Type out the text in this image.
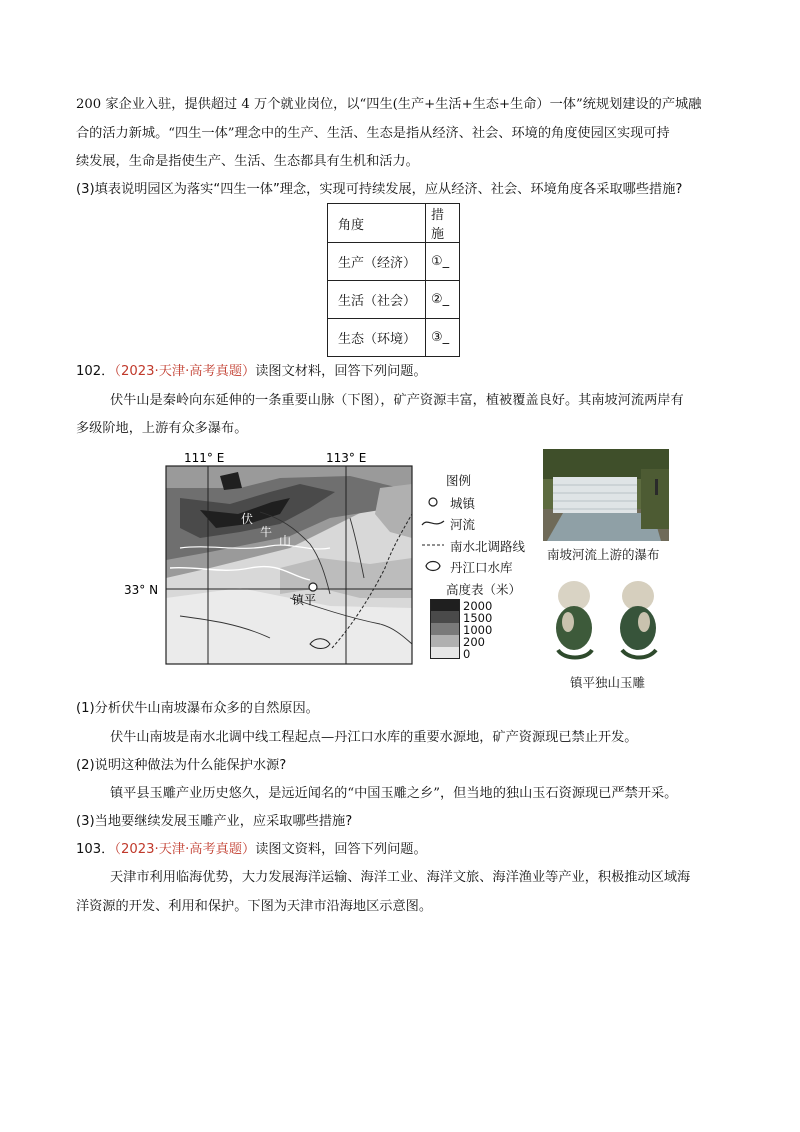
200 家企业入驻，提供超过 4 万个就业岗位，以“四生(生产+生活+生态+生命）一体”统规划建设的产城融
合的活力新城。“四生一体”理念中的生产、生活、生态是指从经济、社会、环境的角度使园区实现可持
续发展，生命是指使生产、生活、生态都具有生机和活力。
(3)填表说明园区为落实“四生一体”理念，实现可持续发展，应从经济、社会、环境角度各采取哪些措施?
角度	措施
生产（经济）	①_
生活（社会）	②_
生态（环境）	③_
102．（2023·天津·高考真题）读图文材料，回答下列问题。
伏牛山是秦岭向东延伸的一条重要山脉（下图），矿产资源丰富，植被覆盖良好。其南坡河流两岸有
多级阶地，上游有众多瀑布。
111° E	113° E
33° N
伏
牛
山
镇平
图例
城镇
河流
南水北调路线
丹江口水库
高度表（米）
2000
1500
1000
200
0
南坡河流上游的瀑布
镇平独山玉雕
(1)分析伏牛山南坡瀑布众多的自然原因。
伏牛山南坡是南水北调中线工程起点—丹江口水库的重要水源地，矿产资源现已禁止开发。
(2)说明这种做法为什么能保护水源?
镇平县玉雕产业历史悠久，是远近闻名的“中国玉雕之乡”，但当地的独山玉石资源现已严禁开采。
(3)当地要继续发展玉雕产业，应采取哪些措施?
103．（2023·天津·高考真题）读图文资料，回答下列问题。
天津市利用临海优势，大力发展海洋运输、海洋工业、海洋文旅、海洋渔业等产业，积极推动区域海
洋资源的开发、利用和保护。下图为天津市沿海地区示意图。
